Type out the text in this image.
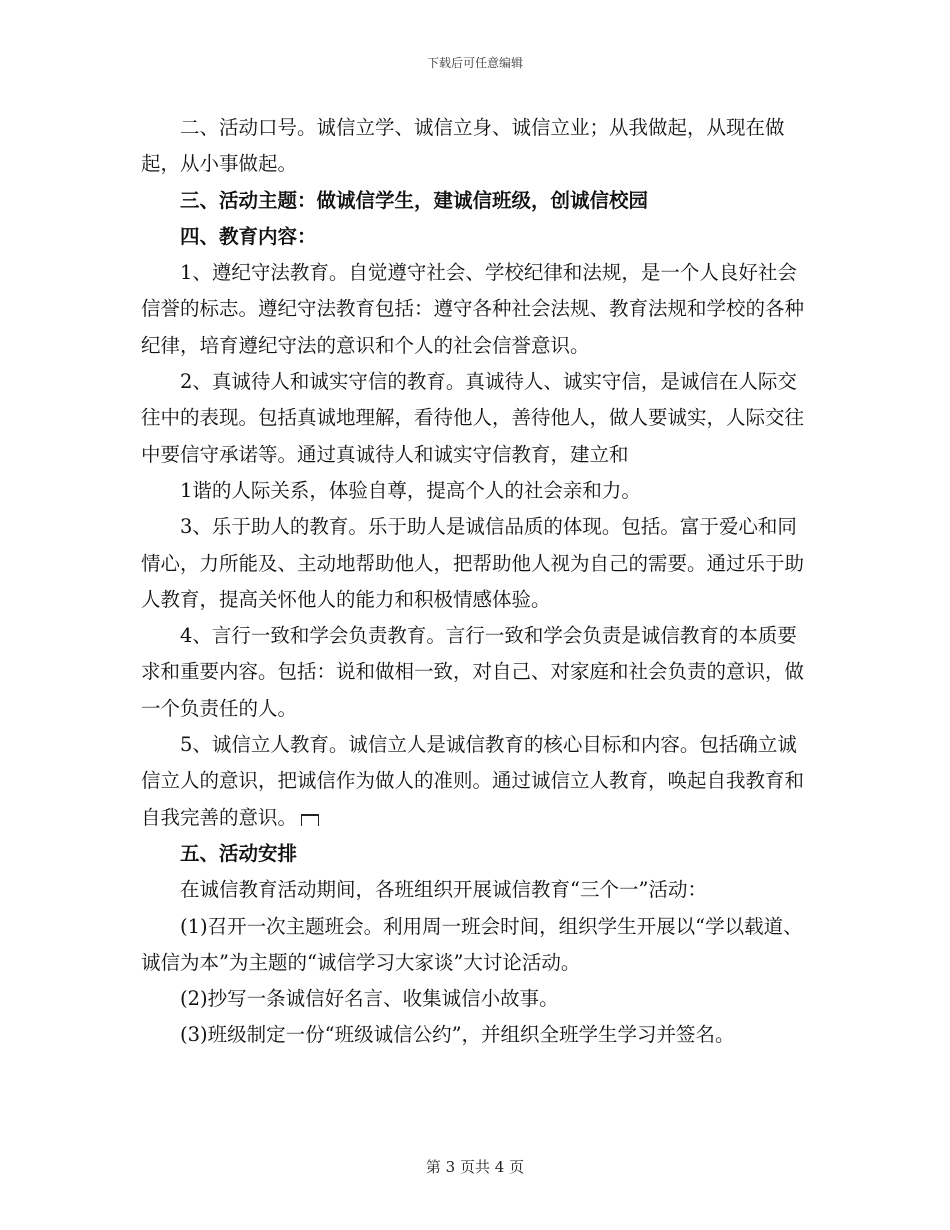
下载后可任意编辑

二、活动口号。诚信立学、诚信立身、诚信立业；从我做起，从现在做起，从小事做起。

三、活动主题：做诚信学生，建诚信班级，创诚信校园

四、教育内容：

1、遵纪守法教育。自觉遵守社会、学校纪律和法规，是一个人良好社会信誉的标志。遵纪守法教育包括：遵守各种社会法规、教育法规和学校的各种纪律，培育遵纪守法的意识和个人的社会信誉意识。

2、真诚待人和诚实守信的教育。真诚待人、诚实守信，是诚信在人际交往中的表现。包括真诚地理解，看待他人，善待他人，做人要诚实，人际交往中要信守承诺等。通过真诚待人和诚实守信教育，建立和

1谐的人际关系，体验自尊，提高个人的社会亲和力。

3、乐于助人的教育。乐于助人是诚信品质的体现。包括。富于爱心和同情心，力所能及、主动地帮助他人，把帮助他人视为自己的需要。通过乐于助人教育，提高关怀他人的能力和积极情感体验。

4、言行一致和学会负责教育。言行一致和学会负责是诚信教育的本质要求和重要内容。包括：说和做相一致，对自己、对家庭和社会负责的意识，做一个负责任的人。

5、诚信立人教育。诚信立人是诚信教育的核心目标和内容。包括确立诚信立人的意识，把诚信作为做人的准则。通过诚信立人教育，唤起自我教育和自我完善的意识。

五、活动安排

在诚信教育活动期间，各班组织开展诚信教育“三个一”活动：

(1)召开一次主题班会。利用周一班会时间，组织学生开展以“学以载道、诚信为本”为主题的“诚信学习大家谈”大讨论活动。

(2)抄写一条诚信好名言、收集诚信小故事。

(3)班级制定一份“班级诚信公约”，并组织全班学生学习并签名。

第 3 页共 4 页
